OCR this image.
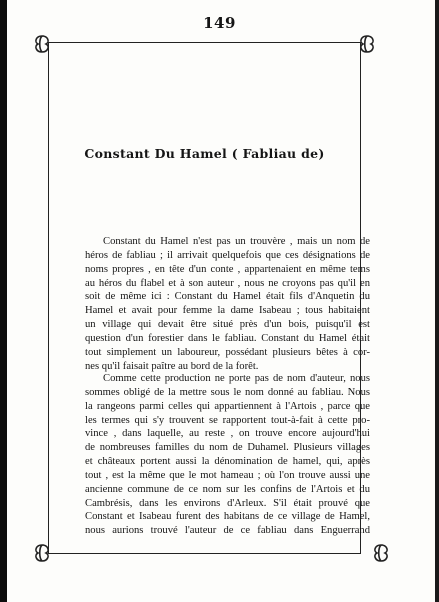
149
Constant Du Hamel ( Fabliau de)
Constant du Hamel n'est pas un trouvère , mais un nom de
héros de fabliau ; il arrivait quelquefois que ces désignations de
noms propres , en tête d'un conte , appartenaient en même tems
au héros du flabel et à son auteur , nous ne croyons pas qu'il en
soit de même ici : Constant du Hamel était fils d'Anquetin du
Hamel et avait pour femme la dame Isabeau ; tous habitaient
un village qui devait être situé près d'un bois, puisqu'il est
question d'un forestier dans le fabliau. Constant du Hamel était
tout simplement un laboureur, possédant plusieurs bêtes à cor-
nes qu'il faisait paître au bord de la forêt.
Comme cette production ne porte pas de nom d'auteur, nous
sommes obligé de la mettre sous le nom donné au fabliau. Nous
la rangeons parmi celles qui appartiennent à l'Artois , parce que
les termes qui s'y trouvent se rapportent tout-à-fait à cette pro-
vince , dans laquelle, au reste , on trouve encore aujourd'hui
de nombreuses familles du nom de Duhamel. Plusieurs villages
et châteaux portent aussi la dénomination de hamel, qui, après
tout , est la même que le mot hameau ; où l'on trouve aussi une
ancienne commune de ce nom sur les confins de l'Artois et du
Cambrésis, dans les environs d'Arleux. S'il était prouvé que
Constant et Isabeau furent des habitans de ce village de Hamel,
nous aurions trouvé l'auteur de ce fabliau dans Enguerrand
